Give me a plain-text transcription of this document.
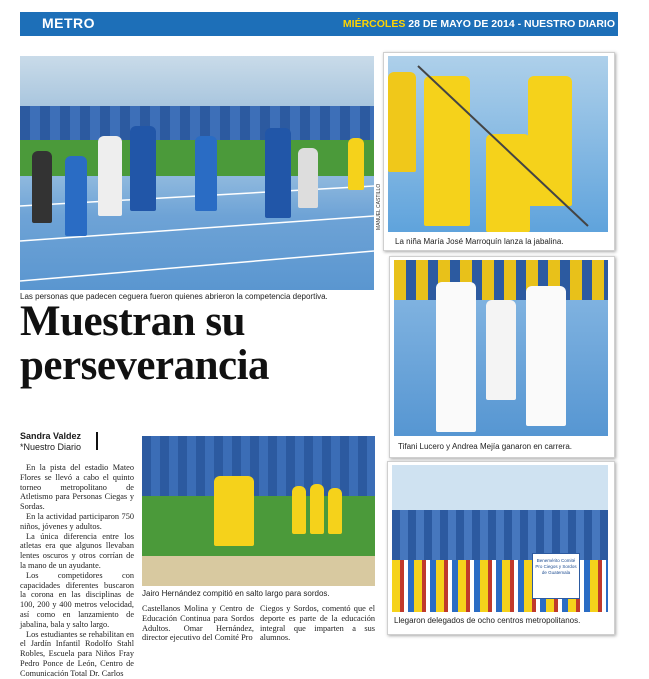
METRO	MIÉRCOLES 28 DE MAYO DE 2014 - NUESTRO DIARIO
MANUEL CASTILLO
Las personas que padecen ceguera fueron quienes abrieron la competencia deportiva.
La niña María José Marroquín lanza la jabalina.
Tifani Lucero y Andrea Mejía ganaron en carrera.
Muestran su
perseverancia
Sandra Valdez
*Nuestro Diario

En la pista del estadio Mateo Flores se llevó a cabo el quinto torneo metropolitano de Atletismo para Personas Ciegas y Sordas.

En la actividad participaron 750 niños, jóvenes y adultos.

La única diferencia entre los atletas era que algunos llevaban lentes oscuros y otros corrían de la mano de un ayudante.

Los competidores con capacidades diferentes buscaron la corona en las disciplinas de 100, 200 y 400 metros velocidad, así como en lanzamiento de jabalina, bala y salto largo.

Los estudiantes se rehabilitan en el Jardín Infantil Rodolfo Stahl Robles, Escuela para Niños Fray Pedro Ponce de León, Centro de Comunicación Total Dr. Carlos

Jairo Hernández compitió en salto largo para sordos.
Castellanos Molina y Centro de Educación Continua para Sordos Adultos. Omar Hernández, director ejecutivo del Comité Pro
Ciegos y Sordos, comentó que el deporte es parte de la educación integral que imparten a sus alumnos.
Benemérito Comité Pro Ciegos y Sordos de Guatemala
Llegaron delegados de ocho centros metropolitanos.
